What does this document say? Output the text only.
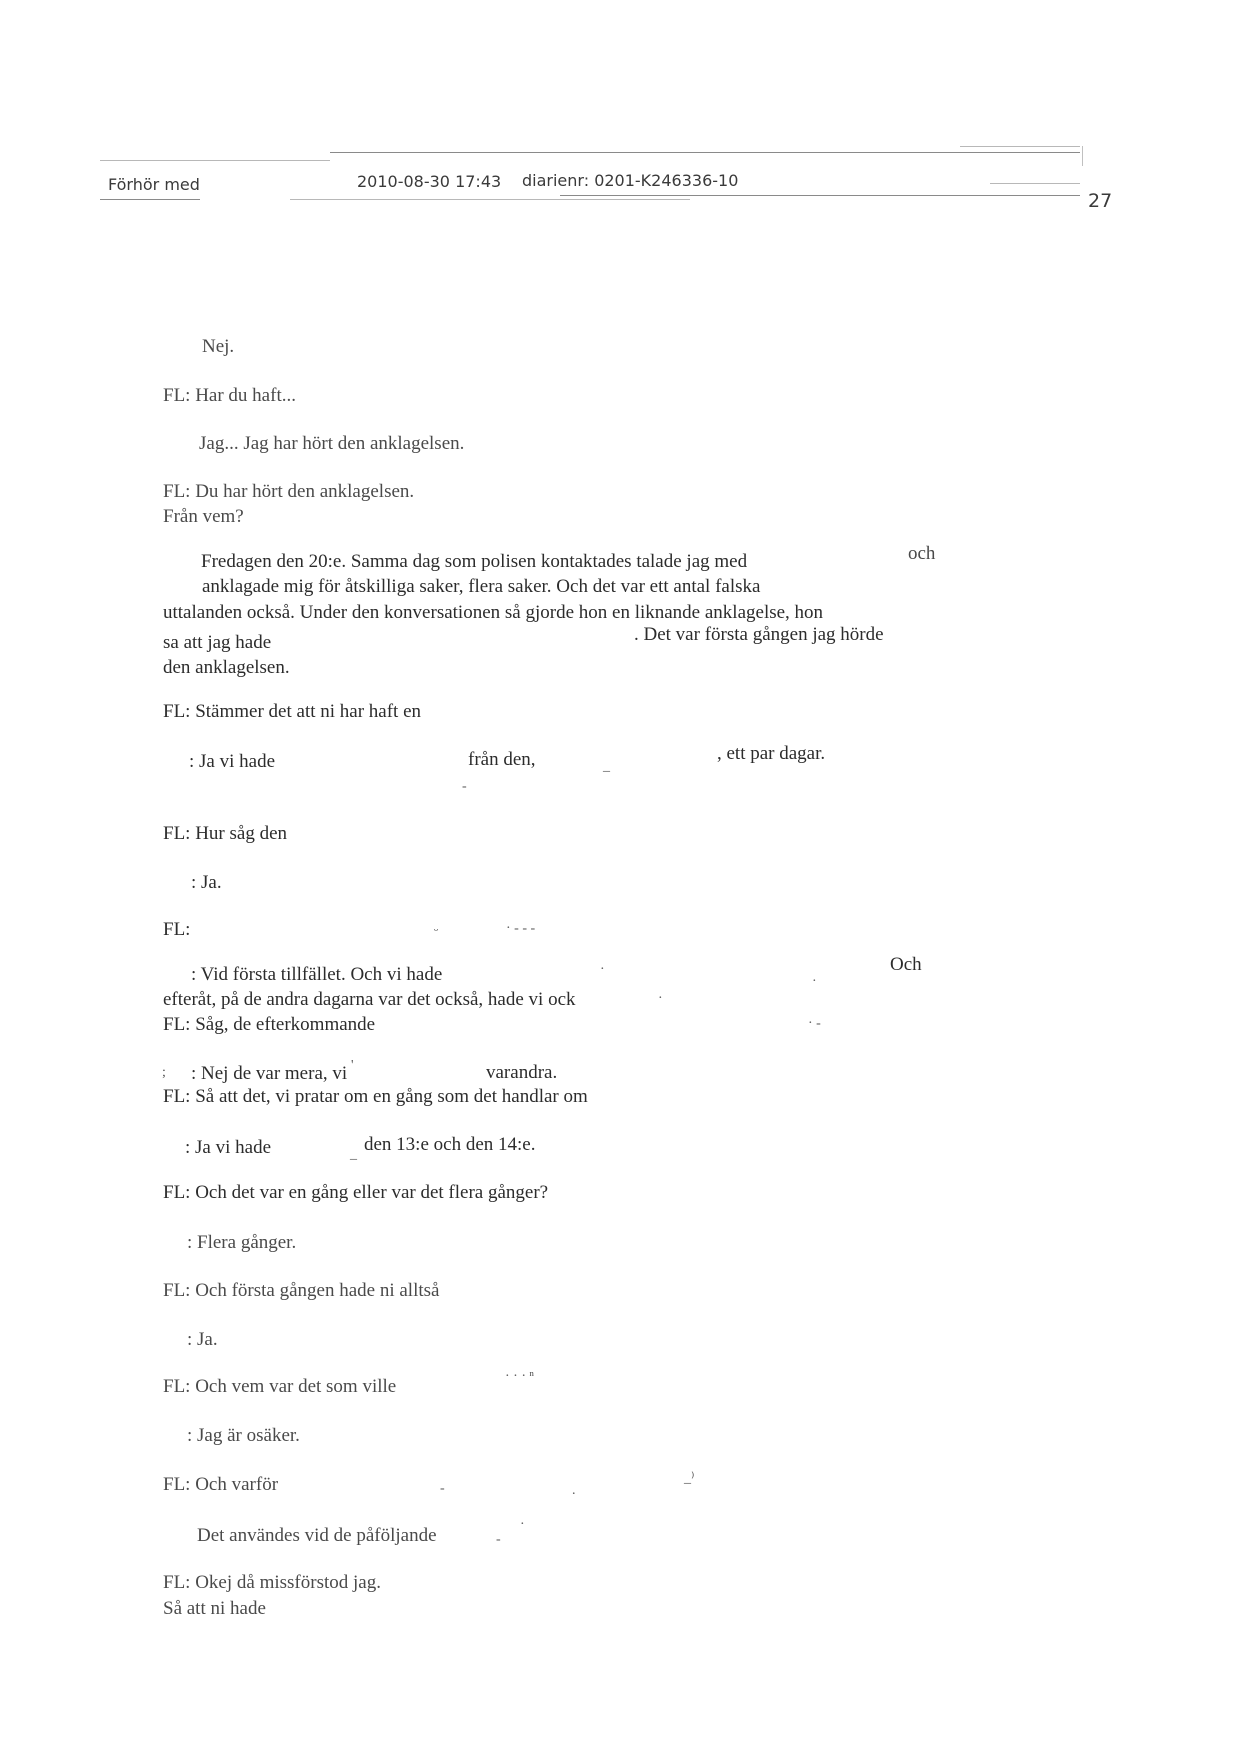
Förhör med	2010-08-30 17:43 diarienr: 0201-K246336-10
27
Nej.
FL: Har du haft...
Jag... Jag har hört den anklagelsen.
FL: Du har hört den anklagelsen.
Från vem?
Fredagen den 20:e. Samma dag som polisen kontaktades talade jag med	och
anklagade mig för åtskilliga saker, flera saker. Och det var ett antal falska
uttalanden också. Under den konversationen så gjorde hon en liknande anklagelse, hon
sa att jag hade	. Det var första gången jag hörde
den anklagelsen.
FL: Stämmer det att ni har haft en
: Ja vi hade	från den,	, ett par dagar.
FL: Hur såg den
: Ja.
FL:
: Vid första tillfället. Och vi hade	Och
efteråt, på de andra dagarna var det också, hade vi ock
FL: Såg, de efterkommande
: Nej de var mera, vi	varandra.
FL: Så att det, vi pratar om en gång som det handlar om
: Ja vi hade	den 13:e och den 14:e.
FL: Och det var en gång eller var det flera gånger?
: Flera gånger.
FL: Och första gången hade ni alltså
: Ja.
FL: Och vem var det som ville
: Jag är osäker.
FL: Och varför
Det användes vid de påföljande
FL: Okej då missförstod jag.
Så att ni hade
_
-
ᵕ	· - - -
·
·
·
· -
;	'
_
· · · ⁿ
-	.
_⁾
·
-
